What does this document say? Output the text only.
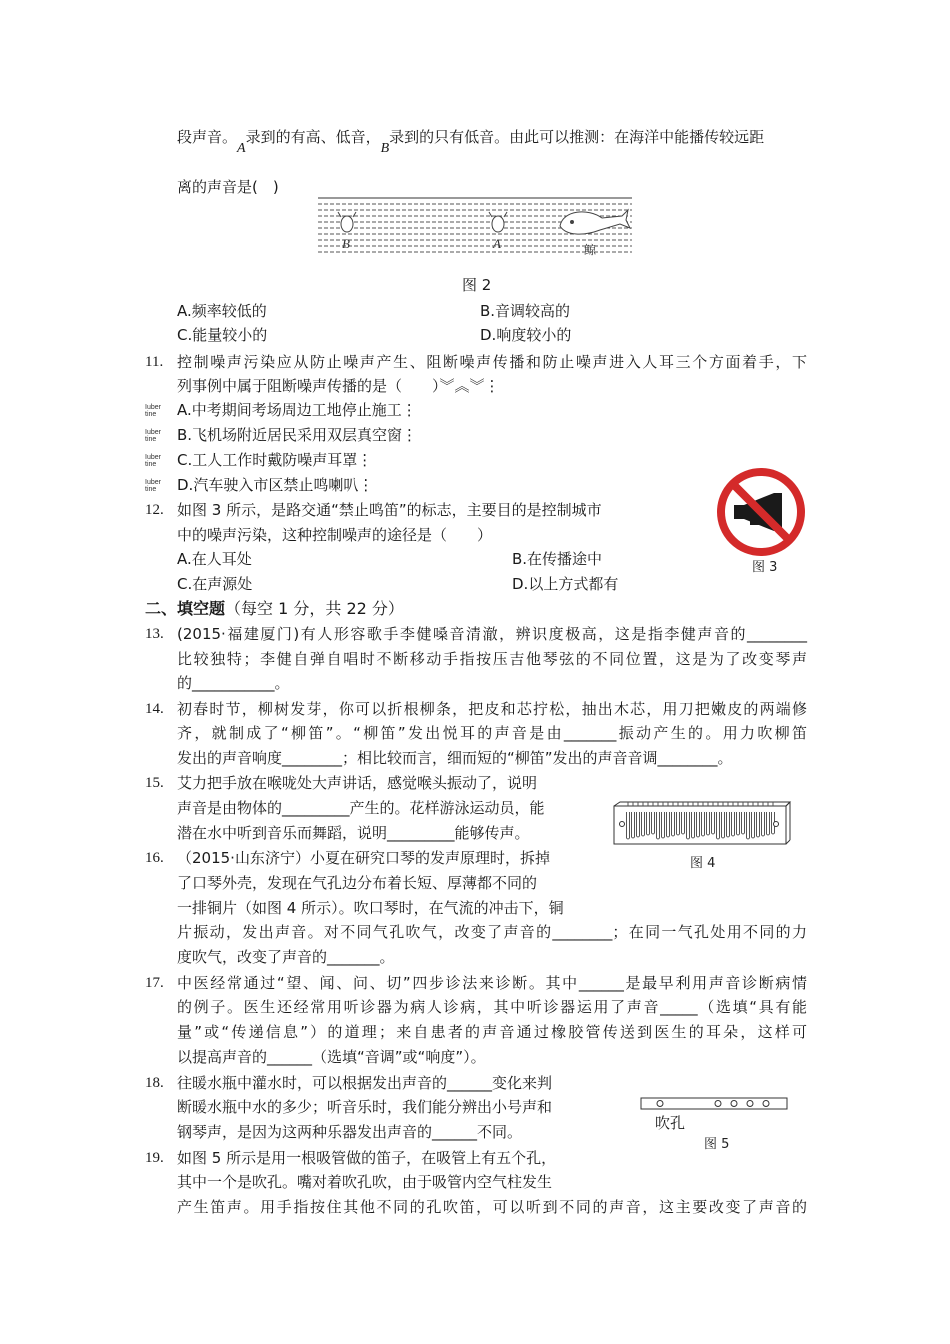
段声音。A录到的有高、低音，B录到的只有低音。由此可以推测：在海洋中能播传较远距
离的声音是(　)
B	A	鲸
图 2
A.频率较低的	B.音调较高的
C.能量较小的	D.响度较小的
11. 控制噪声污染应从防止噪声产生、阻断噪声传播和防止噪声进入人耳三个方面着手，下
列事例中属于阻断噪声传播的是（　　）︾︽︾⋮
Iuber tine	A.中考期间考场周边工地停止施工⋮
Iuber tine	B.飞机场附近居民采用双层真空窗⋮
Iuber tine	C.工人工作时戴防噪声耳罩⋮
Iuber tine	D.汽车驶入市区禁止鸣喇叭⋮
12. 如图 3 所示，是路交通“禁止鸣笛”的标志，主要目的是控制城市
中的噪声污染，这种控制噪声的途径是（　　）
A.在人耳处	B.在传播途中
C.在声源处	D.以上方式都有
图 3
二、填空题（每空 1 分，共 22 分）
13. (2015·福建厦门)有人形容歌手李健嗓音清澈，辨识度极高，这是指李健声音的________
比较独特；李健自弹自唱时不断移动手指按压吉他琴弦的不同位置，这是为了改变琴声
的___________。
14. 初春时节，柳树发芽，你可以折根柳条，把皮和芯拧松，抽出木芯，用刀把嫩皮的两端修
齐，就制成了“柳笛”。“柳笛”发出悦耳的声音是由_______振动产生的。用力吹柳笛
发出的声音响度________；相比较而言，细而短的“柳笛”发出的声音音调________。
15. 艾力把手放在喉咙处大声讲话，感觉喉头振动了，说明
声音是由物体的_________产生的。花样游泳运动员，能
潜在水中听到音乐而舞蹈，说明_________能够传声。
图 4
16. （2015·山东济宁）小夏在研究口琴的发声原理时，拆掉
了口琴外壳，发现在气孔边分布着长短、厚薄都不同的
一排铜片（如图 4 所示）。吹口琴时，在气流的冲击下，铜
片振动，发出声音。对不同气孔吹气，改变了声音的________；在同一气孔处用不同的力
度吹气，改变了声音的_______。
17. 中医经常通过“望、闻、问、切”四步诊法来诊断。其中______是最早利用声音诊断病情
的例子。医生还经常用听诊器为病人诊病，其中听诊器运用了声音_____（选填“具有能
量”或“传递信息”）的道理；来自患者的声音通过橡胶管传送到医生的耳朵，这样可
以提高声音的______（选填“音调”或“响度”）。
18. 往暖水瓶中灌水时，可以根据发出声音的______变化来判
断暖水瓶中水的多少；听音乐时，我们能分辨出小号声和
钢琴声，是因为这两种乐器发出声音的______不同。	吹孔
图 5
19. 如图 5 所示是用一根吸管做的笛子，在吸管上有五个孔，
其中一个是吹孔。嘴对着吹孔吹，由于吸管内空气柱发生
产生笛声。用手指按住其他不同的孔吹笛，可以听到不同的声音，这主要改变了声音的
